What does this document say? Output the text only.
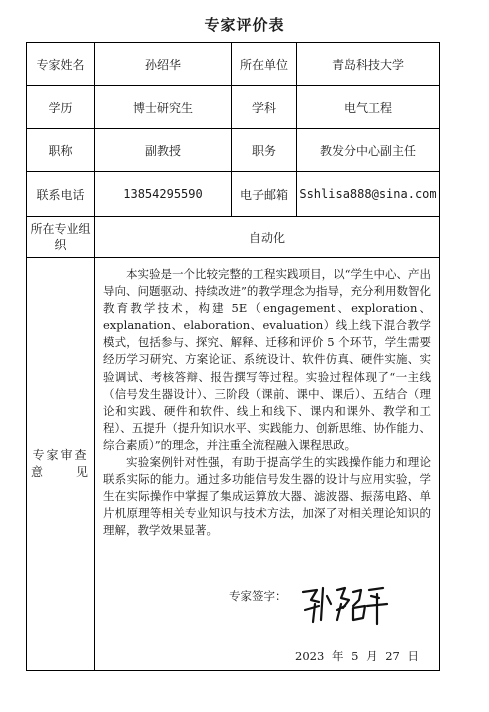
专家评价表
专家姓名	孙绍华	所在单位	青岛科技大学
学历	博士研究生	学科	电气工程
职称	副教授	职务	教发分中心副主任
联系电话	13854295590	电子邮箱	Sshlisa888@sina.com
所在专业组织	自动化		
专家审查意见	本实验是一个比较完整的工程实践项目，以“学生中心、产出导向、问题驱动、持续改进”的教学理念为指导，充分利用数智化教育教学技术，构建 5E（engagement、exploration、explanation、elaboration、evaluation）线上线下混合教学模式，包括参与、探究、解释、迁移和评价 5 个环节，学生需要经历学习研究、方案论证、系统设计、软件仿真、硬件实施、实验调试、考核答辩、报告撰写等过程。实验过程体现了“一主线（信号发生器设计）、三阶段（课前、课中、课后）、五结合（理论和实践、硬件和软件、线上和线下、课内和课外、教学和工程）、五提升（提升知识水平、实践能力、创新思维、协作能力、综合素质）”的理念，并注重全流程融入课程思政。

实验案例针对性强，有助于提高学生的实践操作能力和理论联系实际的能力。通过多功能信号发生器的设计与应用实验，学生在实际操作中掌握了集成运算放大器、滤波器、振荡电路、单片机原理等相关专业知识与技术方法，加深了对相关理论知识的理解，教学效果显著。

专家签字：
2023 年 5 月 27 日		
